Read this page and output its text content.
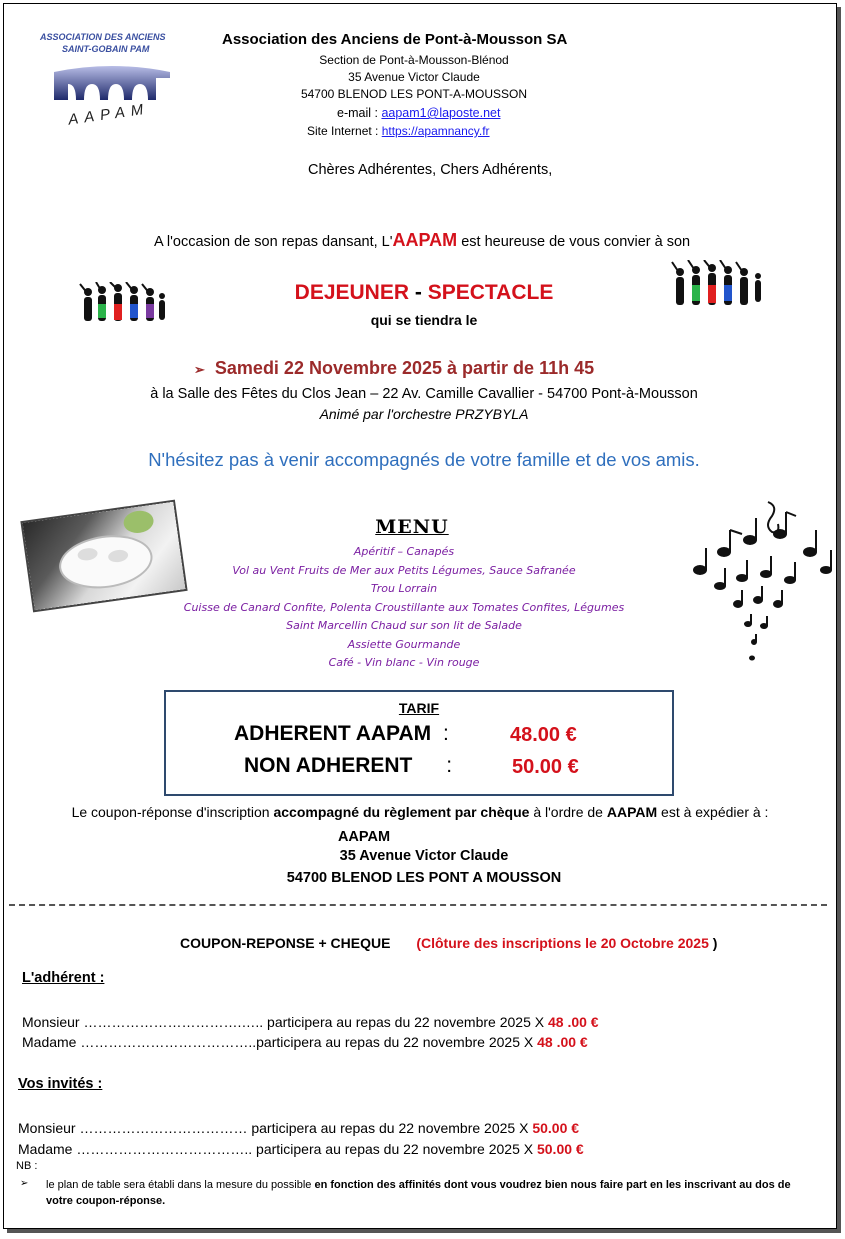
ASSOCIATION DES ANCIENS
SAINT-GOBAIN PAM
AAPAM
Association des Anciens de Pont-à-Mousson SA
Section de Pont-à-Mousson-Blénod
35 Avenue Victor Claude
54700 BLENOD LES PONT-A-MOUSSON
e-mail : aapam1@laposte.net
Site Internet : https://apamnancy.fr
Chères Adhérentes, Chers Adhérents,
A l'occasion de son repas dansant, L'AAPAM est heureuse de vous convier à son
DEJEUNER - SPECTACLE
qui se tiendra le
➢ Samedi 22 Novembre 2025 à partir de 11h 45
à la Salle des Fêtes du Clos Jean – 22 Av. Camille Cavallier - 54700 Pont-à-Mousson
Animé par l'orchestre PRZYBYLA
N'hésitez pas à venir accompagnés de votre famille et de vos amis.
MENU
Apéritif – Canapés
Vol au Vent Fruits de Mer aux Petits Légumes, Sauce Safranée
Trou Lorrain
Cuisse de Canard Confite, Polenta Croustillante aux Tomates Confites, Légumes
Saint Marcellin Chaud sur son lit de Salade
Assiette Gourmande
Café - Vin blanc - Vin rouge
TARIF
ADHERENT AAPAM :	48.00 €
NON ADHERENT :	50.00 €
Le coupon-réponse d'inscription accompagné du règlement par chèque à l'ordre de AAPAM est à expédier à :
AAPAM
35 Avenue Victor Claude
54700 BLENOD LES PONT A MOUSSON
COUPON-REPONSE + CHEQUE (Clôture des inscriptions le 20 Octobre 2025 )
L'adhérent :
Monsieur …………………………….….. participera au repas du 22 novembre 2025 X 48 .00 €
Madame ………………………………..participera au repas du 22 novembre 2025 X 48 .00 €
Vos invités :
Monsieur ……………………………… participera au repas du 22 novembre 2025 X 50.00 €
Madame ……………………………….. participera au repas du 22 novembre 2025 X 50.00 €
NB :
➢ le plan de table sera établi dans la mesure du possible en fonction des affinités dont vous voudrez bien nous faire part en les inscrivant au dos de votre coupon-réponse.
